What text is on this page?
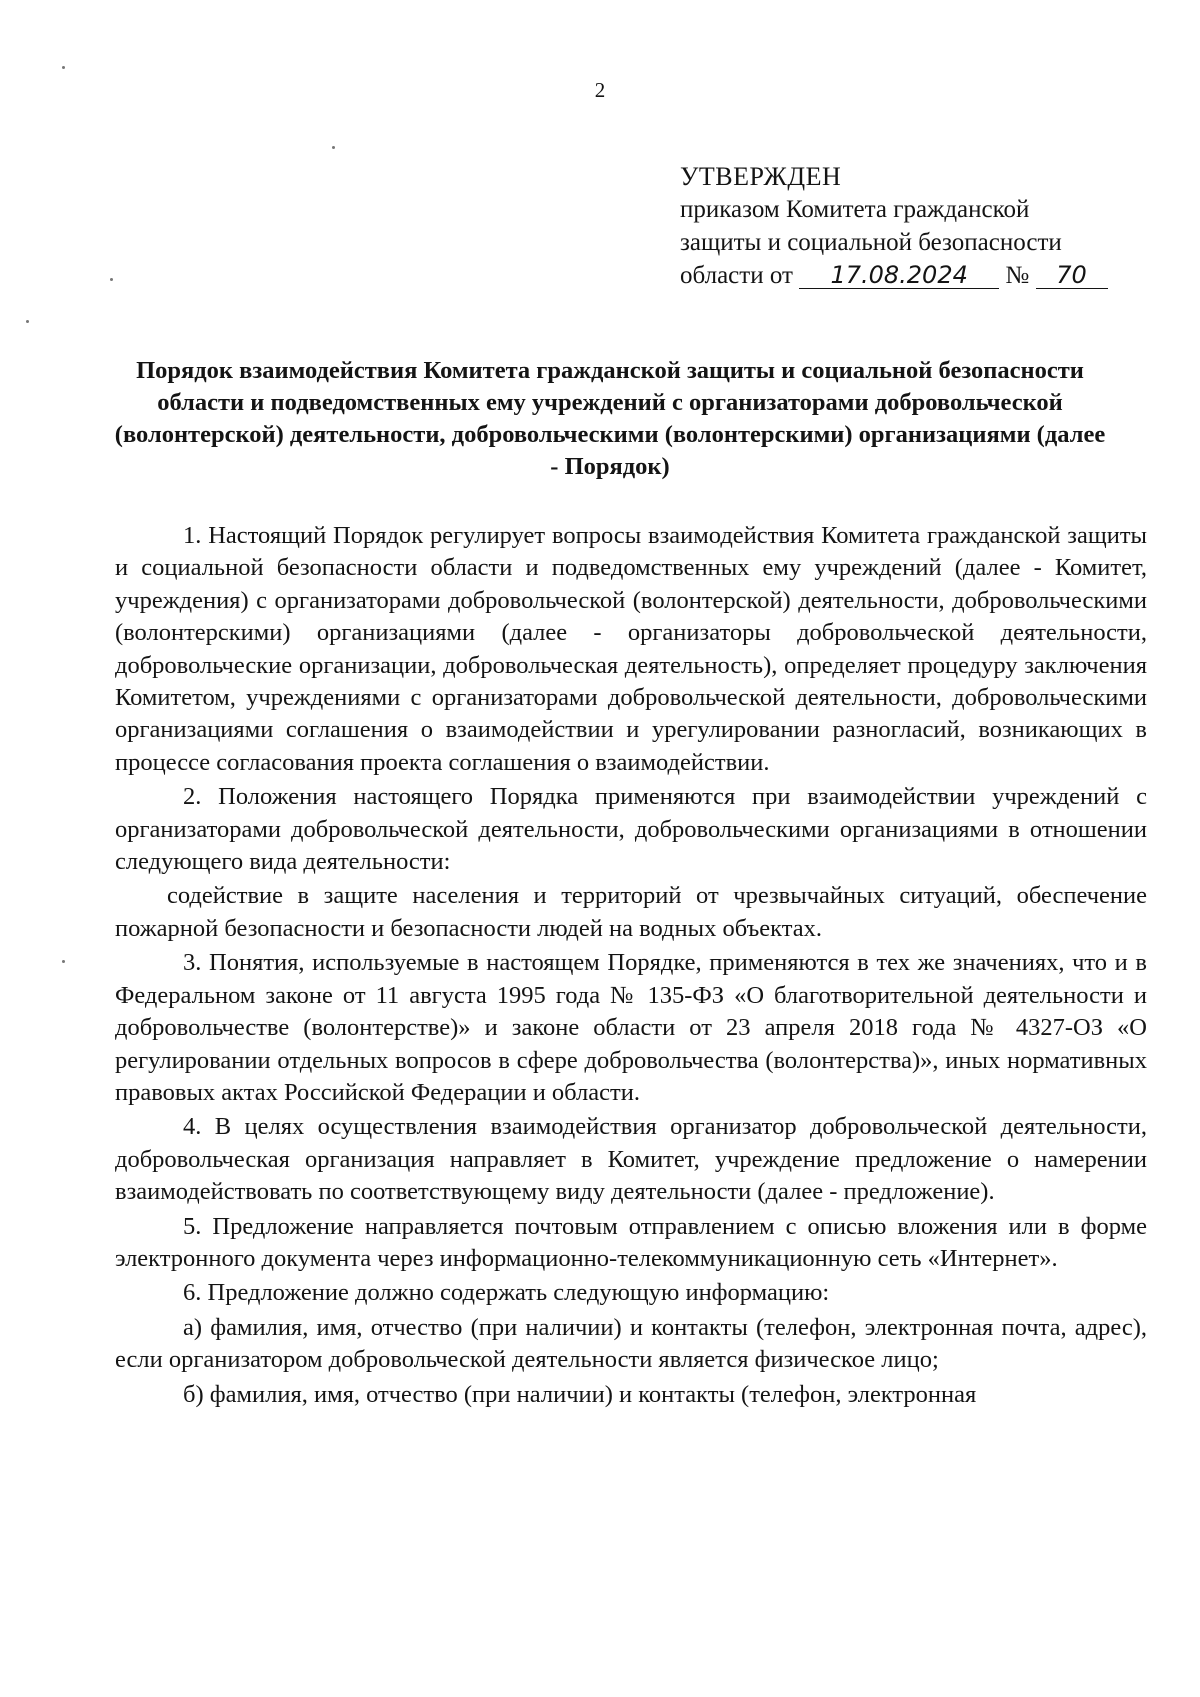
2
УТВЕРЖДЕН
приказом Комитета гражданской
защиты и социальной безопасности
области от 17.08.2024 № 70
Порядок взаимодействия Комитета гражданской защиты и социальной безопасности области и подведомственных ему учреждений с организаторами добровольческой (волонтерской) деятельности, добровольческими (волонтерскими) организациями (далее - Порядок)

1. Настоящий Порядок регулирует вопросы взаимодействия Комитета гражданской защиты и социальной безопасности области и подведомственных ему учреждений (далее - Комитет, учреждения) с организаторами добровольческой (волонтерской) деятельности, добровольческими (волонтерскими) организациями (далее - организаторы добровольческой деятельности, добровольческие организации, добровольческая деятельность), определяет процедуру заключения Комитетом, учреждениями с организаторами добровольческой деятельности, добровольческими организациями соглашения о взаимодействии и урегулировании разногласий, возникающих в процессе согласования проекта соглашения о взаимодействии.

2. Положения настоящего Порядка применяются при взаимодействии учреждений с организаторами добровольческой деятельности, добровольческими организациями в отношении следующего вида деятельности:

содействие в защите населения и территорий от чрезвычайных ситуаций, обеспечение пожарной безопасности и безопасности людей на водных объектах.

3. Понятия, используемые в настоящем Порядке, применяются в тех же значениях, что и в Федеральном законе от 11 августа 1995 года № 135-ФЗ «О благотворительной деятельности и добровольчестве (волонтерстве)» и законе области от 23 апреля 2018 года № 4327-ОЗ «О регулировании отдельных вопросов в сфере добровольчества (волонтерства)», иных нормативных правовых актах Российской Федерации и области.

4. В целях осуществления взаимодействия организатор добровольческой деятельности, добровольческая организация направляет в Комитет, учреждение предложение о намерении взаимодействовать по соответствующему виду деятельности (далее - предложение).

5. Предложение направляется почтовым отправлением с описью вложения или в форме электронного документа через информационно-телекоммуникационную сеть «Интернет».

6. Предложение должно содержать следующую информацию:

а) фамилия, имя, отчество (при наличии) и контакты (телефон, электронная почта, адрес), если организатором добровольческой деятельности является физическое лицо;

б) фамилия, имя, отчество (при наличии) и контакты (телефон, электронная
